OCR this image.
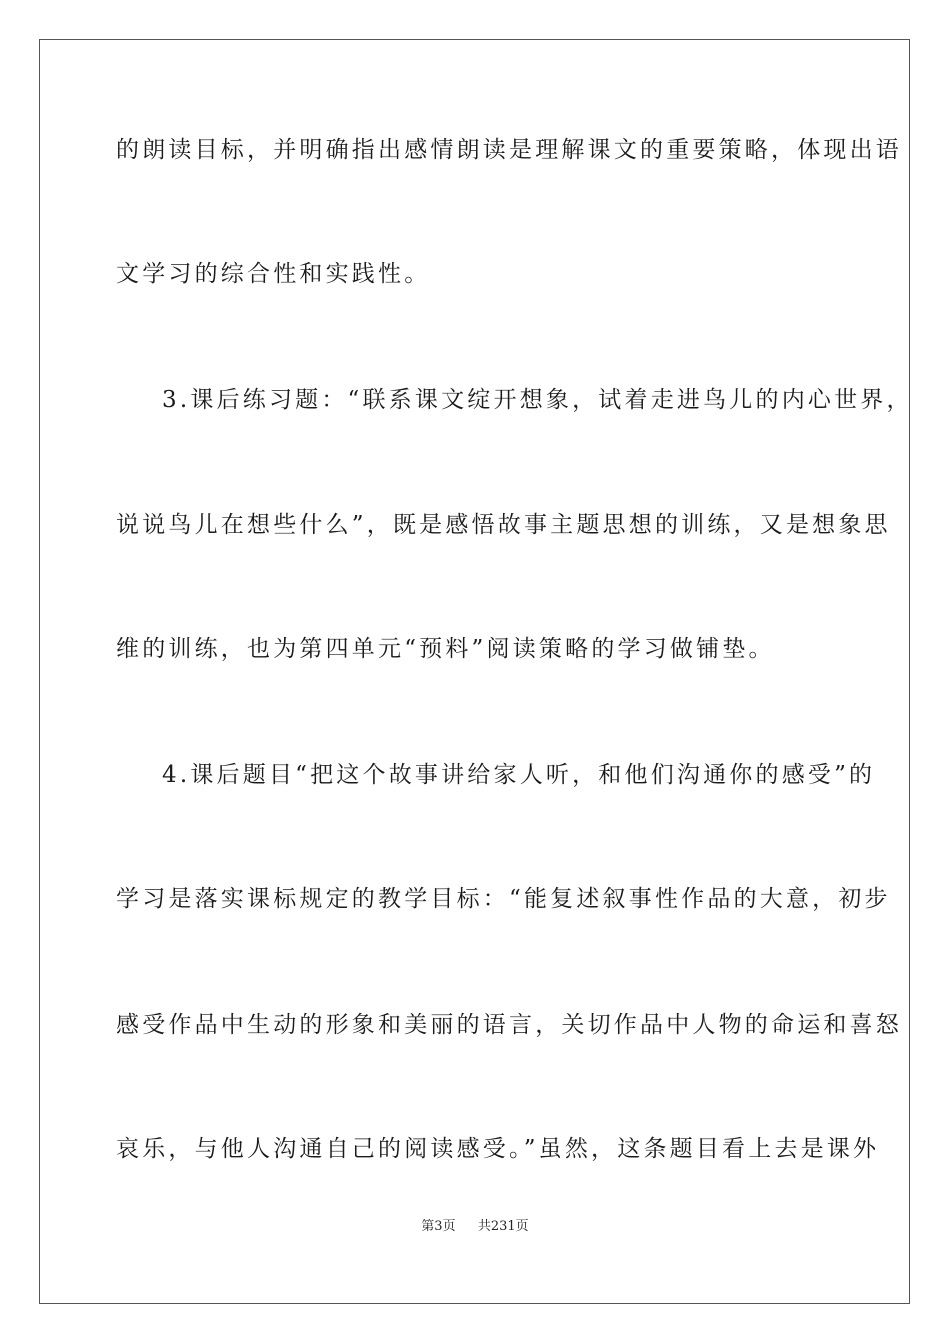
的朗读目标，并明确指出感情朗读是理解课文的重要策略，体现出语
文学习的综合性和实践性。
3.课后练习题：“联系课文绽开想象，试着走进鸟儿的内心世界，
说说鸟儿在想些什么”，既是感悟故事主题思想的训练，又是想象思
维的训练，也为第四单元“预料”阅读策略的学习做铺垫。
4.课后题目“把这个故事讲给家人听，和他们沟通你的感受”的
学习是落实课标规定的教学目标：“能复述叙事性作品的大意，初步
感受作品中生动的形象和美丽的语言，关切作品中人物的命运和喜怒
哀乐，与他人沟通自己的阅读感受。”虽然，这条题目看上去是课外
第3页 共231页
